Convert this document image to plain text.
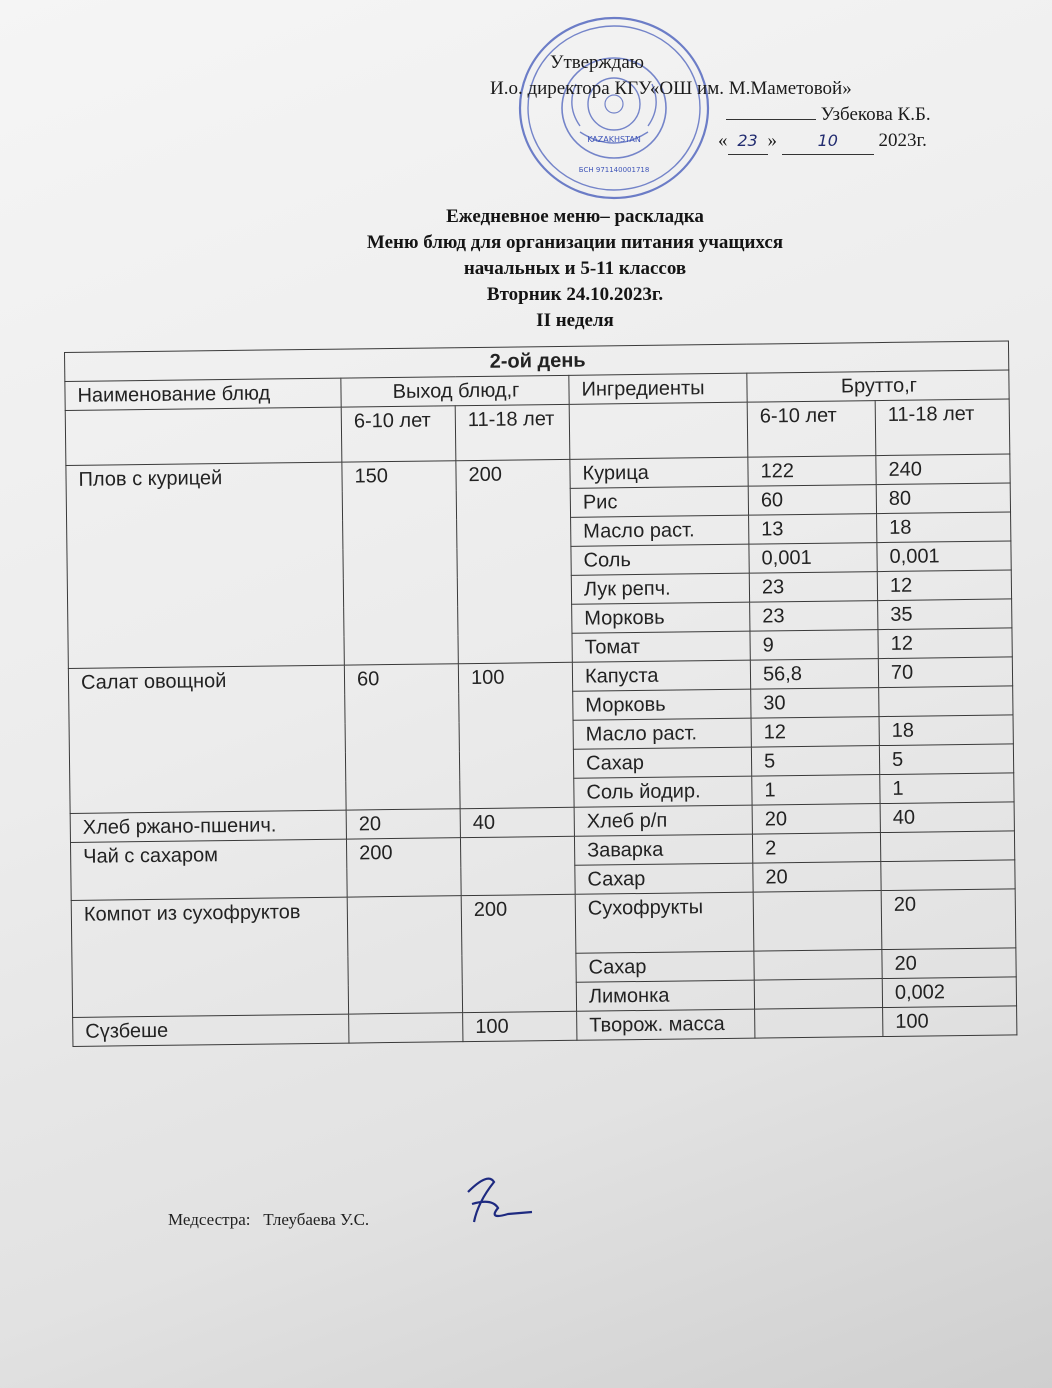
KAZAKHSTAN
БСН 971140001718
Утверждаю
И.о. директора КГУ«ОШ им. М.Маметовой»
Узбекова К.Б.
« 23 »	10 2023г.
Ежедневное меню– раскладка
Меню блюд для организации питания учащихся
начальных и 5-11 классов
Вторник 24.10.2023г.
II неделя
2-ой день					
Наименование блюд	Выход блюд,г		Ингредиенты	Брутто,г	
	6-10 лет	11-18 лет		6-10 лет	11-18 лет
Плов с курицей	150	200	Курица	122	240
			Рис	60	80
			Масло раст.	13	18
			Соль	0,001	0,001
			Лук репч.	23	12
			Морковь	23	35
			Томат	9	12
Салат овощной	60	100	Капуста	56,8	70
			Морковь	30	
			Масло раст.	12	18
			Сахар	5	5
			Соль йодир.	1	1
Хлеб ржано-пшенич.	20	40	Хлеб р/п	20	40
Чай с сахаром	200		Заварка	2	
			Сахар	20	
Компот из сухофруктов		200	Сухофрукты		20
			Сахар		20
			Лимонка		0,002
Сүзбеше		100	Творож. масса		100
Медсестра: Тлеубаева У.С.
